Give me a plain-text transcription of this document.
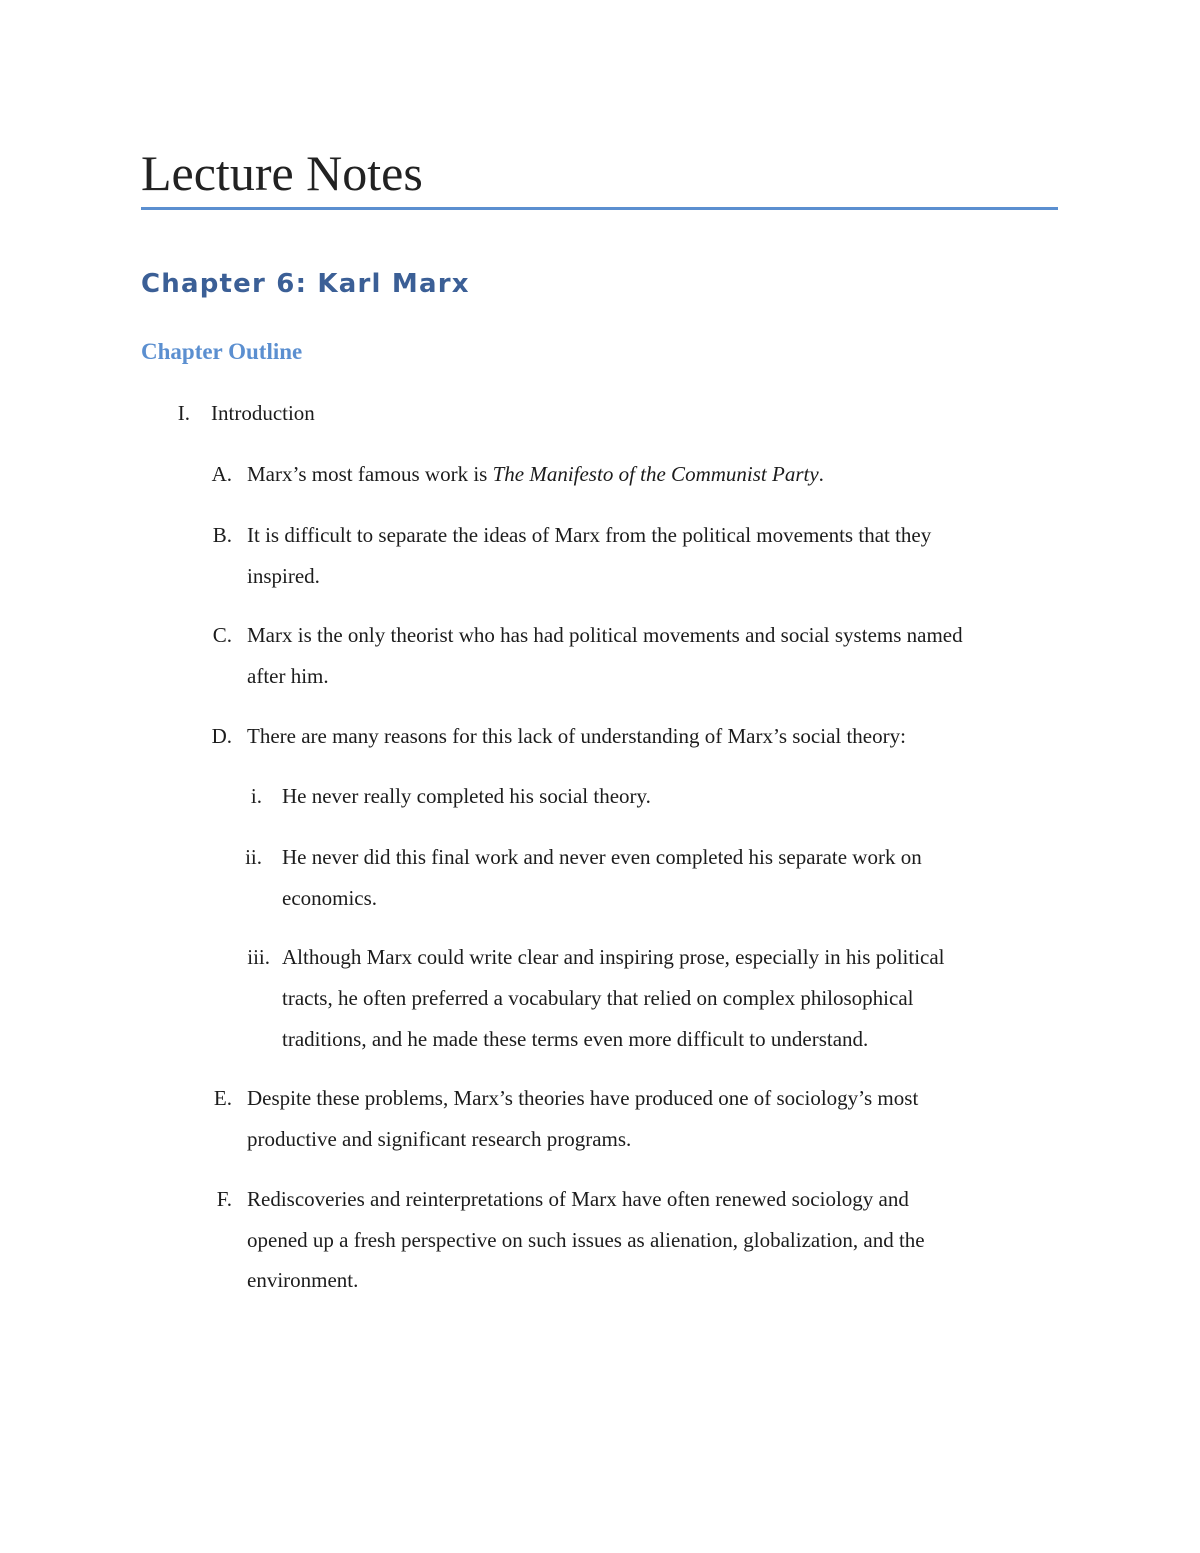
Lecture Notes
Chapter 6: Karl Marx
Chapter Outline
I. Introduction
A. Marx’s most famous work is The Manifesto of the Communist Party.
B. It is difficult to separate the ideas of Marx from the political movements that they
inspired.
C. Marx is the only theorist who has had political movements and social systems named
after him.
D. There are many reasons for this lack of understanding of Marx’s social theory:
i. He never really completed his social theory.
ii. He never did this final work and never even completed his separate work on
economics.
iii. Although Marx could write clear and inspiring prose, especially in his political
tracts, he often preferred a vocabulary that relied on complex philosophical
traditions, and he made these terms even more difficult to understand.
E. Despite these problems, Marx’s theories have produced one of sociology’s most
productive and significant research programs.
F. Rediscoveries and reinterpretations of Marx have often renewed sociology and
opened up a fresh perspective on such issues as alienation, globalization, and the
environment.
